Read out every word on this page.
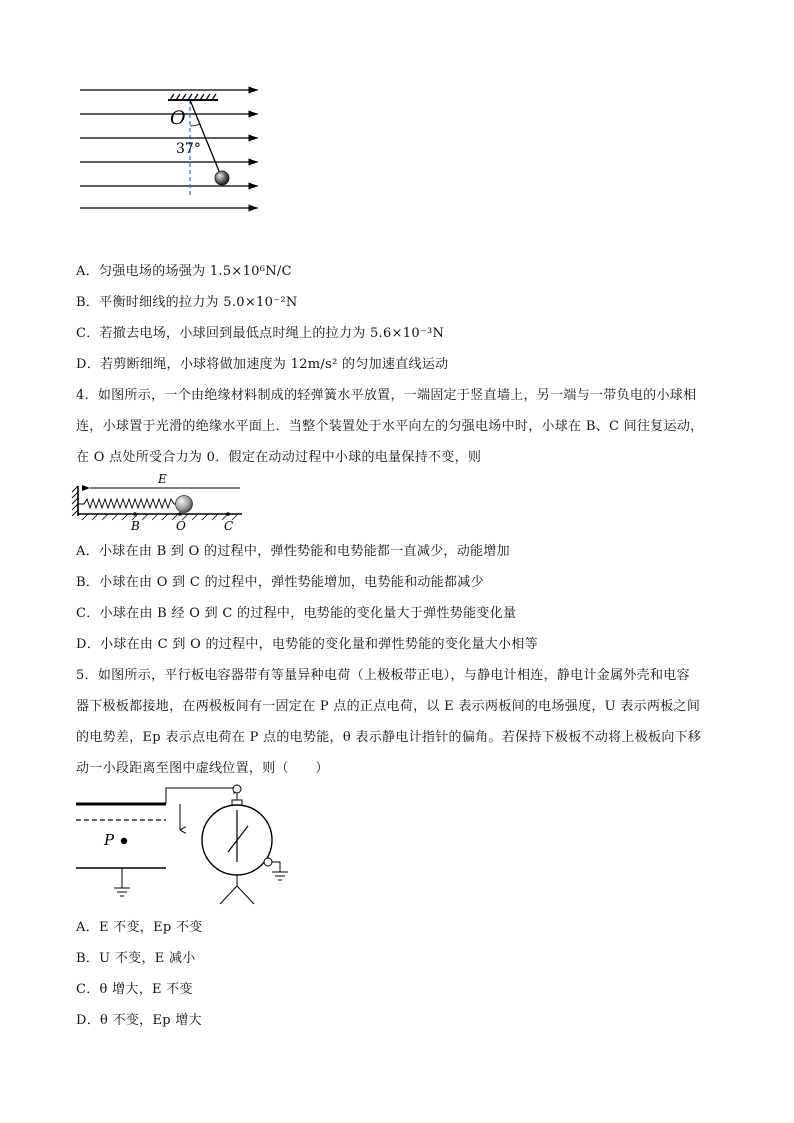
O
37°
A．匀强电场的场强为 1.5×10⁶N/C
B．平衡时细线的拉力为 5.0×10⁻²N
C．若撤去电场，小球回到最低点时绳上的拉力为 5.6×10⁻³N
D．若剪断细绳，小球将做加速度为 12m/s² 的匀加速直线运动
4．如图所示，一个由绝缘材料制成的轻弹簧水平放置，一端固定于竖直墙上，另一端与一带负电的小球相
连，小球置于光滑的绝缘水平面上．当整个装置处于水平向左的匀强电场中时，小球在 B、C 间往复运动，
在 O 点处所受合力为 0．假定在动动过程中小球的电量保持不变，则
E
B	O	C
A．小球在由 B 到 O 的过程中，弹性势能和电势能都一直减少，动能增加
B．小球在由 O 到 C 的过程中，弹性势能增加，电势能和动能都减少
C．小球在由 B 经 O 到 C 的过程中，电势能的变化量大于弹性势能变化量
D．小球在由 C 到 O 的过程中，电势能的变化量和弹性势能的变化量大小相等
5．如图所示，平行板电容器带有等量异种电荷（上极板带正电），与静电计相连，静电计金属外壳和电容
器下极板都接地，在两极板间有一固定在 P 点的正点电荷，以 E 表示两板间的电场强度，U 表示两板之间
的电势差，Ep 表示点电荷在 P 点的电势能，θ 表示静电计指针的偏角。若保持下极板不动将上极板向下移
动一小段距离至图中虚线位置，则（　　）
P
A．E 不变，Ep 不变
B．U 不变，E 减小
C．θ 增大，E 不变
D．θ 不变，Ep 增大
